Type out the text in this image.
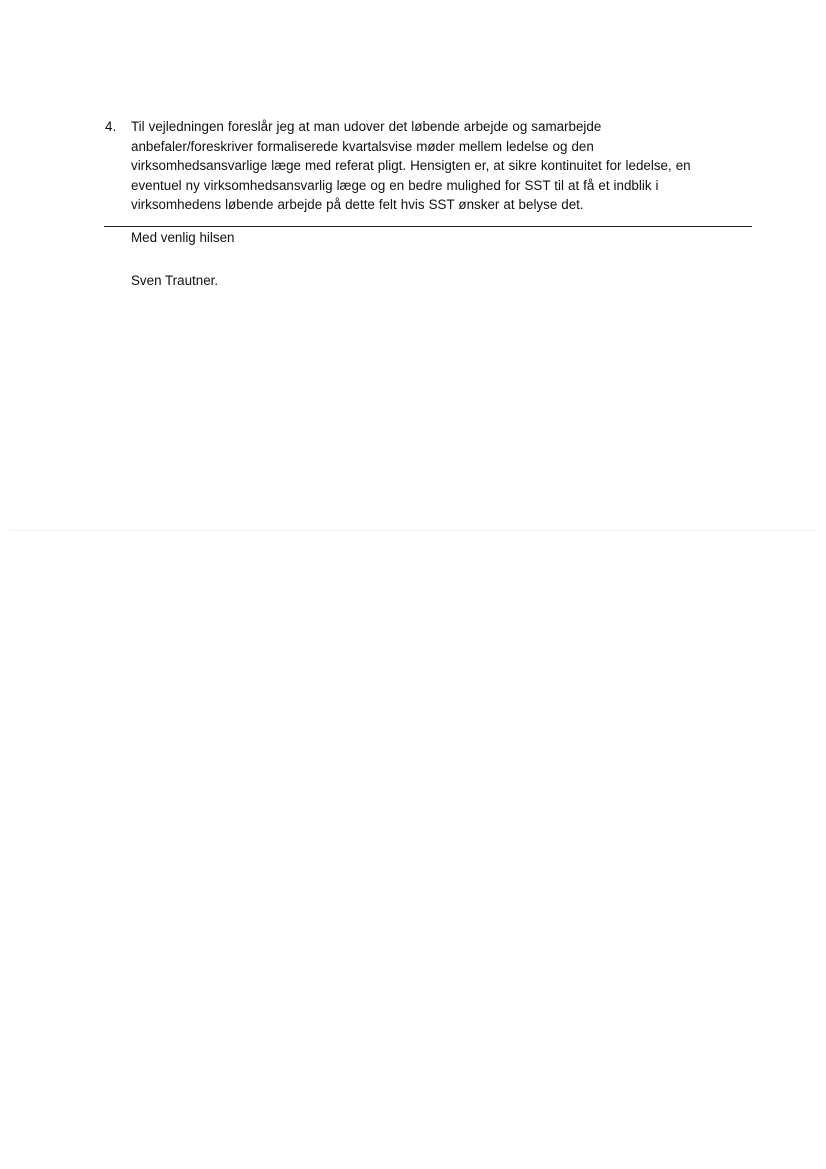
4.	Til vejledningen foreslår jeg at man udover det løbende arbejde og samarbejde
anbefaler/foreskriver formaliserede kvartalsvise møder mellem ledelse og den
virksomhedsansvarlige læge med referat pligt. Hensigten er, at sikre kontinuitet for ledelse, en
eventuel ny virksomhedsansvarlig læge og en bedre mulighed for SST til at få et indblik i
virksomhedens løbende arbejde på dette felt hvis SST ønsker at belyse det.
Med venlig hilsen
Sven Trautner.
